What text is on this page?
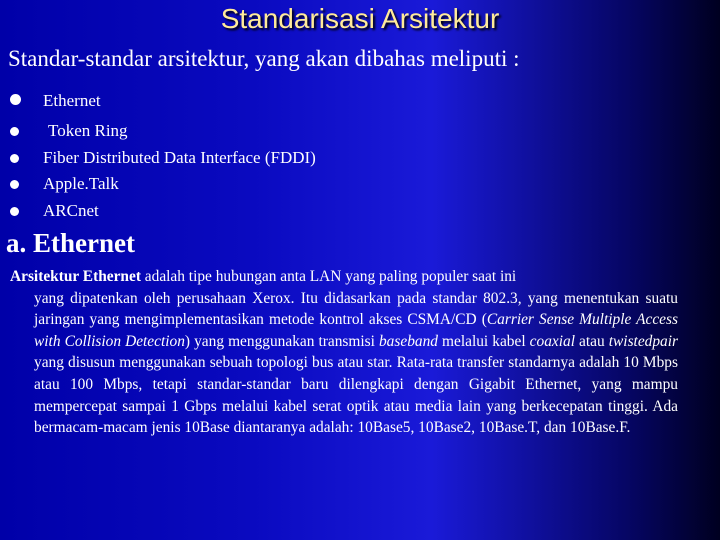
Standarisasi Arsitektur
Standar-standar arsitektur, yang akan dibahas meliputi :
Ethernet
Token Ring
Fiber Distributed Data Interface (FDDI)
Apple.Talk
ARCnet
a. Ethernet
Arsitektur Ethernet adalah tipe hubungan anta LAN yang paling populer saat ini
yang dipatenkan oleh perusahaan Xerox. Itu didasarkan pada standar 802.3, yang menentukan suatu jaringan yang mengimplementasikan metode kontrol akses CSMA/CD (Carrier Sense Multiple Access with Collision Detection) yang menggunakan transmisi baseband melalui kabel coaxial atau twistedpair yang disusun menggunakan sebuah topologi bus atau star. Rata-rata transfer standarnya adalah 10 Mbps atau 100 Mbps, tetapi standar-standar baru dilengkapi dengan Gigabit Ethernet, yang mampu mempercepat sampai 1 Gbps melalui kabel serat optik atau media lain yang berkecepatan tinggi. Ada bermacam-macam jenis 10Base diantaranya adalah: 10Base5, 10Base2, 10Base.T, dan 10Base.F.
